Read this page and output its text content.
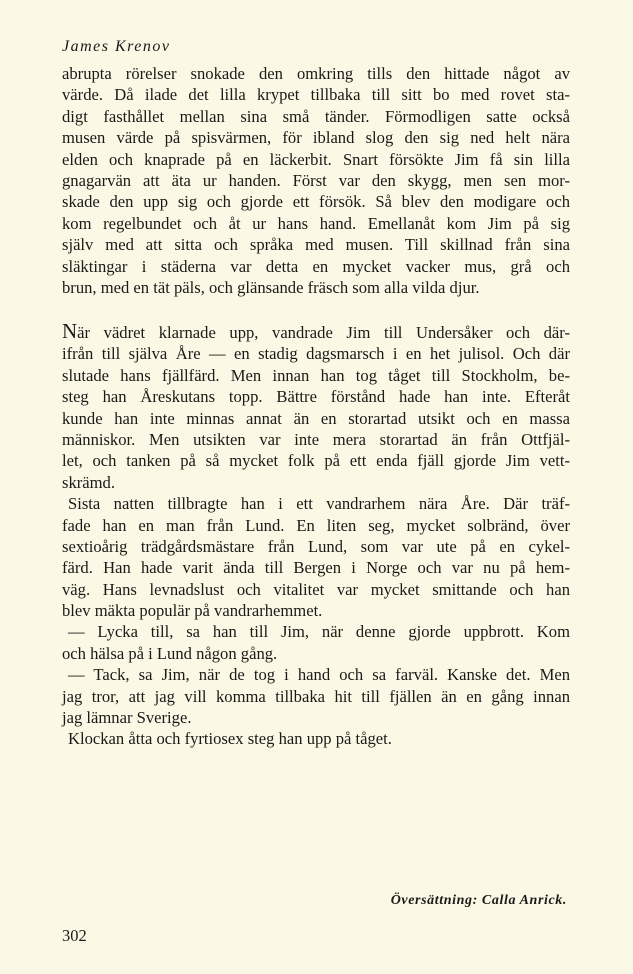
James Krenov
abrupta rörelser snokade den omkring tills den hittade något av
värde. Då ilade det lilla krypet tillbaka till sitt bo med rovet sta-
digt fasthållet mellan sina små tänder. Förmodligen satte också
musen värde på spisvärmen, för ibland slog den sig ned helt nära
elden och knaprade på en läckerbit. Snart försökte Jim få sin lilla
gnagarvän att äta ur handen. Först var den skygg, men sen mor-
skade den upp sig och gjorde ett försök. Så blev den modigare och
kom regelbundet och åt ur hans hand. Emellanåt kom Jim på sig
själv med att sitta och språka med musen. Till skillnad från sina
släktingar i städerna var detta en mycket vacker mus, grå och
brun, med en tät päls, och glänsande fräsch som alla vilda djur.
När vädret klarnade upp, vandrade Jim till Undersåker och där-
ifrån till själva Åre — en stadig dagsmarsch i en het julisol. Och där
slutade hans fjällfärd. Men innan han tog tåget till Stockholm, be-
steg han Åreskutans topp. Bättre förstånd hade han inte. Efteråt
kunde han inte minnas annat än en storartad utsikt och en massa
människor. Men utsikten var inte mera storartad än från Ottfjäl-
let, och tanken på så mycket folk på ett enda fjäll gjorde Jim vett-
skrämd.
Sista natten tillbragte han i ett vandrarhem nära Åre. Där träf-
fade han en man från Lund. En liten seg, mycket solbränd, över
sextioårig trädgårdsmästare från Lund, som var ute på en cykel-
färd. Han hade varit ända till Bergen i Norge och var nu på hem-
väg. Hans levnadslust och vitalitet var mycket smittande och han
blev mäkta populär på vandrarhemmet.
— Lycka till, sa han till Jim, när denne gjorde uppbrott. Kom
och hälsa på i Lund någon gång.
— Tack, sa Jim, när de tog i hand och sa farväl. Kanske det. Men
jag tror, att jag vill komma tillbaka hit till fjällen än en gång innan
jag lämnar Sverige.
Klockan åtta och fyrtiosex steg han upp på tåget.
Översättning: Calla Anrick.
302
